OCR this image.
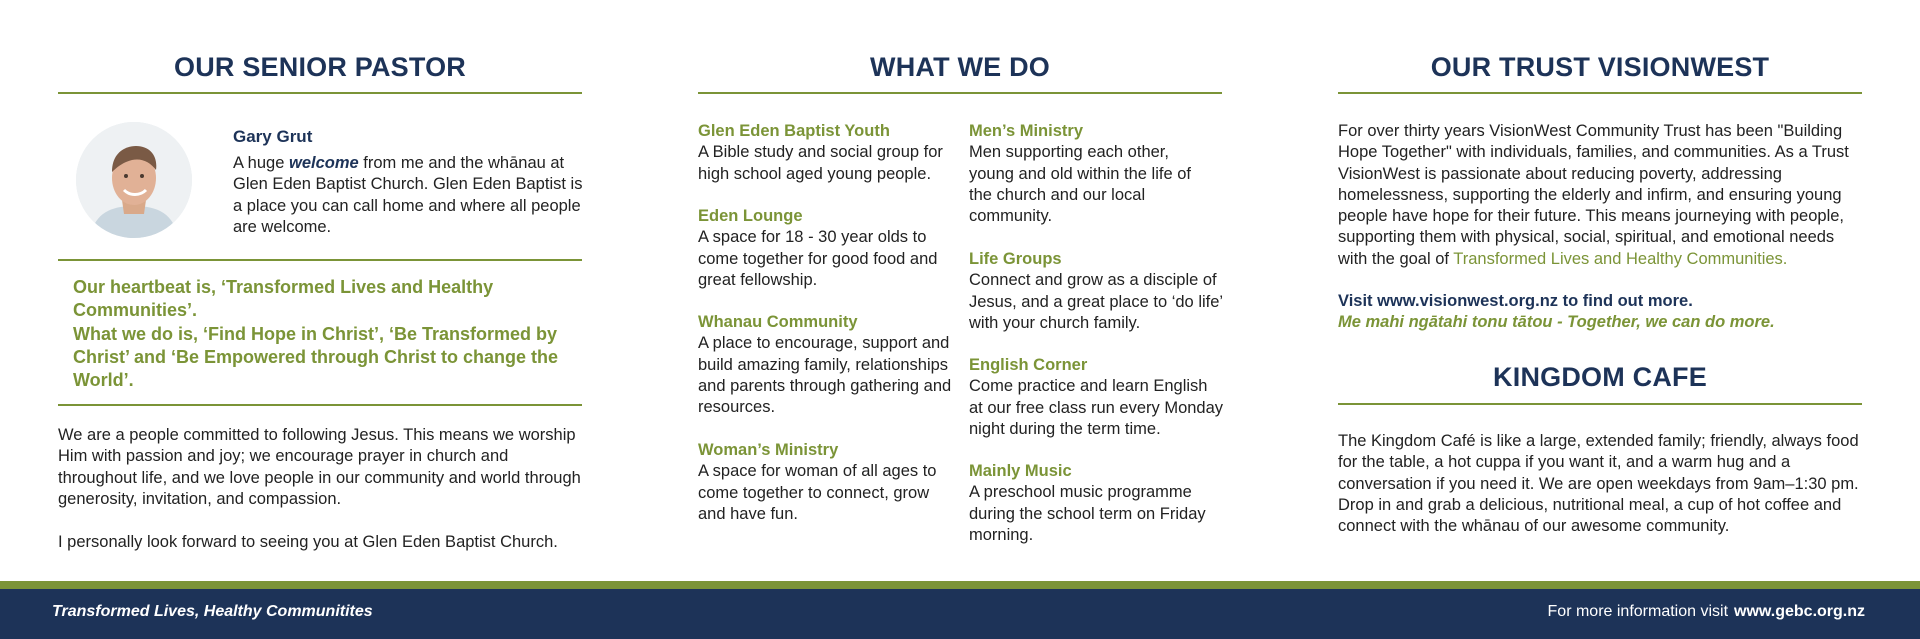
OUR SENIOR PASTOR
Gary Grut

A huge welcome from me and the whānau at Glen Eden Baptist Church. Glen Eden Baptist is a place you can call home and where all people are welcome.

Our heartbeat is, ‘Transformed Lives and Healthy Communities’.
What we do is, ‘Find Hope in Christ’, ‘Be Transformed by Christ’ and ‘Be Empowered through Christ to change the World’.

We are a people committed to following Jesus. This means we worship Him with passion and joy; we encourage prayer in church and throughout life, and we love people in our community and world through generosity, invitation, and compassion.

I personally look forward to seeing you at Glen Eden Baptist Church.

WHAT WE DO
Glen Eden Baptist Youth
A Bible study and social group for high school aged young people.
Eden Lounge
A space for 18 - 30 year olds to come together for good food and great fellowship.
Whanau Community
A place to encourage, support and build amazing family, relationships and parents through gathering and resources.
Woman’s Ministry
A space for woman of all ages to come together to connect, grow and have fun.
Men’s Ministry
Men supporting each other, young and old within the life of the church and our local community.
Life Groups
Connect and grow as a disciple of Jesus, and a great place to ‘do life’ with your church family.
English Corner
Come practice and learn English at our free class run every Monday night during the term time.
Mainly Music
A preschool music programme during the school term on Friday morning.
OUR TRUST VISIONWEST

For over thirty years VisionWest Community Trust has been "Building Hope Together" with individuals, families, and communities. As a Trust VisionWest is passionate about reducing poverty, addressing homelessness, supporting the elderly and infirm, and ensuring young people have hope for their future. This means journeying with people, supporting them with physical, social, spiritual, and emotional needs with the goal of Transformed Lives and Healthy Communities.

Visit www.visionwest.org.nz to find out more.
Me mahi ngātahi tonu tātou - Together, we can do more.
KINGDOM CAFE

The Kingdom Café is like a large, extended family; friendly, always food for the table, a hot cuppa if you want it, and a warm hug and a conversation if you need it. We are open weekdays from 9am–1:30 pm. Drop in and grab a delicious, nutritional meal, a cup of hot coffee and connect with the whānau of our awesome community.

Transformed Lives, Healthy Communitites	For more information visit www.gebc.org.nz
